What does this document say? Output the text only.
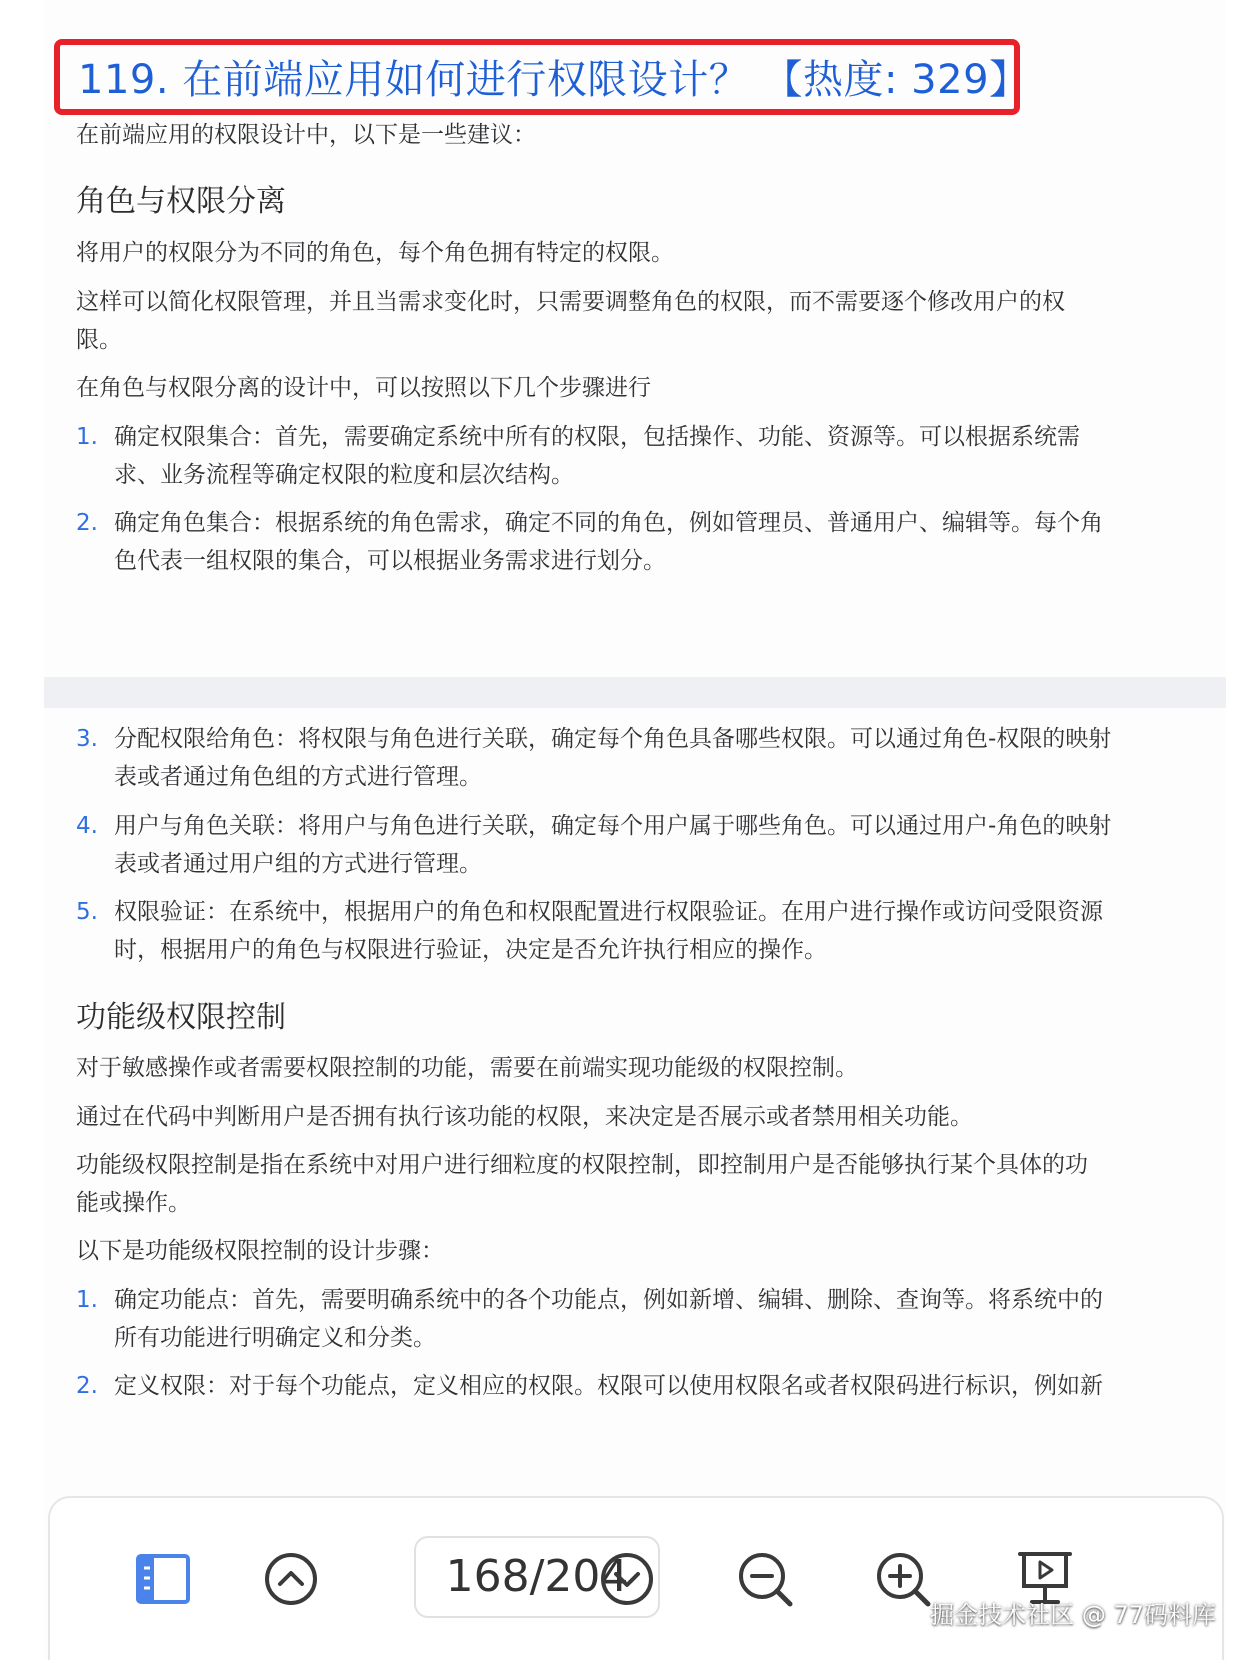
119. 在前端应用如何进行权限设计？ 【热度: 329】
在前端应用的权限设计中，以下是一些建议：
角色与权限分离
将用户的权限分为不同的角色，每个角色拥有特定的权限。
这样可以简化权限管理，并且当需求变化时，只需要调整角色的权限，而不需要逐个修改用户的权
限。
在角色与权限分离的设计中，可以按照以下几个步骤进行
1. 确定权限集合：首先，需要确定系统中所有的权限，包括操作、功能、资源等。可以根据系统需
求、业务流程等确定权限的粒度和层次结构。
2. 确定角色集合：根据系统的角色需求，确定不同的角色，例如管理员、普通用户、编辑等。每个角
色代表一组权限的集合，可以根据业务需求进行划分。
3. 分配权限给角色：将权限与角色进行关联，确定每个角色具备哪些权限。可以通过角色-权限的映射
表或者通过角色组的方式进行管理。
4. 用户与角色关联：将用户与角色进行关联，确定每个用户属于哪些角色。可以通过用户-角色的映射
表或者通过用户组的方式进行管理。
5. 权限验证：在系统中，根据用户的角色和权限配置进行权限验证。在用户进行操作或访问受限资源
时，根据用户的角色与权限进行验证，决定是否允许执行相应的操作。
功能级权限控制
对于敏感操作或者需要权限控制的功能，需要在前端实现功能级的权限控制。
通过在代码中判断用户是否拥有执行该功能的权限，来决定是否展示或者禁用相关功能。
功能级权限控制是指在系统中对用户进行细粒度的权限控制，即控制用户是否能够执行某个具体的功
能或操作。
以下是功能级权限控制的设计步骤：
1. 确定功能点：首先，需要明确系统中的各个功能点，例如新增、编辑、删除、查询等。将系统中的
所有功能进行明确定义和分类。
2. 定义权限：对于每个功能点，定义相应的权限。权限可以使用权限名或者权限码进行标识，例如新
168/204
掘金技术社区 @ 77码料库
